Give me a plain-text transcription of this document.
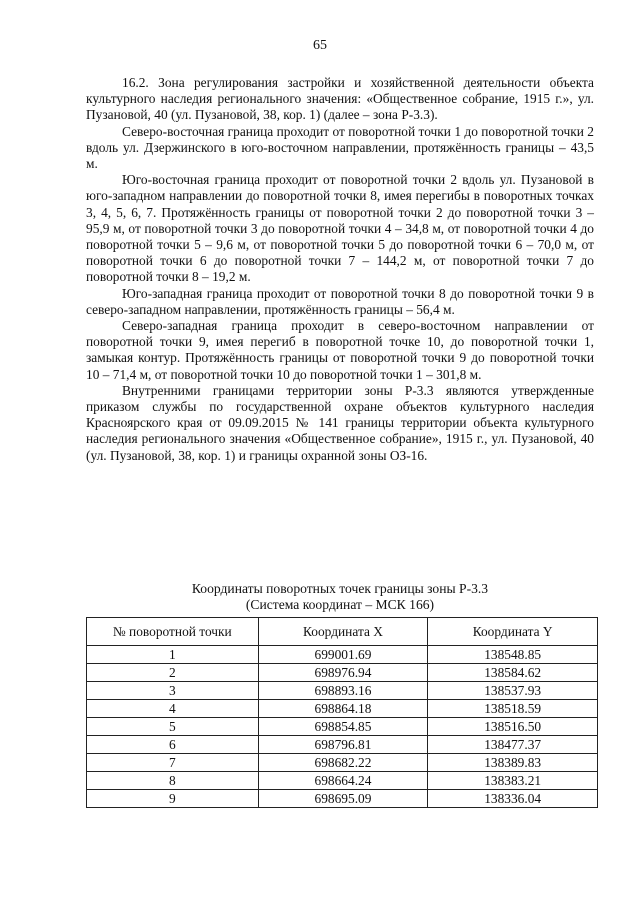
65

16.2. Зона регулирования застройки и хозяйственной деятельности объекта культурного наследия регионального значения: «Общественное собрание, 1915 г.», ул. Пузановой, 40 (ул. Пузановой, 38, кор. 1) (далее – зона Р-3.3).

Северо-восточная граница проходит от поворотной точки 1 до поворотной точки 2 вдоль ул. Дзержинского в юго-восточном направлении, протяжённость границы – 43,5 м.

Юго-восточная граница проходит от поворотной точки 2 вдоль ул. Пузановой в юго-западном направлении до поворотной точки 8, имея перегибы в поворотных точках 3, 4, 5, 6, 7. Протяжённость границы от поворотной точки 2 до поворотной точки 3 – 95,9 м, от поворотной точки 3 до поворотной точки 4 – 34,8 м, от поворотной точки 4 до поворотной точки 5 – 9,6 м, от поворотной точки 5 до поворотной точки 6 – 70,0 м, от поворотной точки 6 до поворотной точки 7 – 144,2 м, от поворотной точки 7 до поворотной точки 8 – 19,2 м.

Юго-западная граница проходит от поворотной точки 8 до поворотной точки 9 в северо-западном направлении, протяжённость границы – 56,4 м.

Северо-западная граница проходит в северо-восточном направлении от поворотной точки 9, имея перегиб в поворотной точке 10, до поворотной точки 1, замыкая контур. Протяжённость границы от поворотной точки 9 до поворотной точки 10 – 71,4 м, от поворотной точки 10 до поворотной точки 1 – 301,8 м.

Внутренними границами территории зоны Р-3.3 являются утвержденные приказом службы по государственной охране объектов культурного наследия Красноярского края от 09.09.2015 № 141 границы территории объекта культурного наследия регионального значения «Общественное собрание», 1915 г., ул. Пузановой, 40 (ул. Пузановой, 38, кор. 1) и границы охранной зоны ОЗ-16.

Координаты поворотных точек границы зоны Р-3.3
(Система координат – МСК 166)
№ поворотной точки	Координата X	Координата Y
1	699001.69	138548.85
2	698976.94	138584.62
3	698893.16	138537.93
4	698864.18	138518.59
5	698854.85	138516.50
6	698796.81	138477.37
7	698682.22	138389.83
8	698664.24	138383.21
9	698695.09	138336.04
